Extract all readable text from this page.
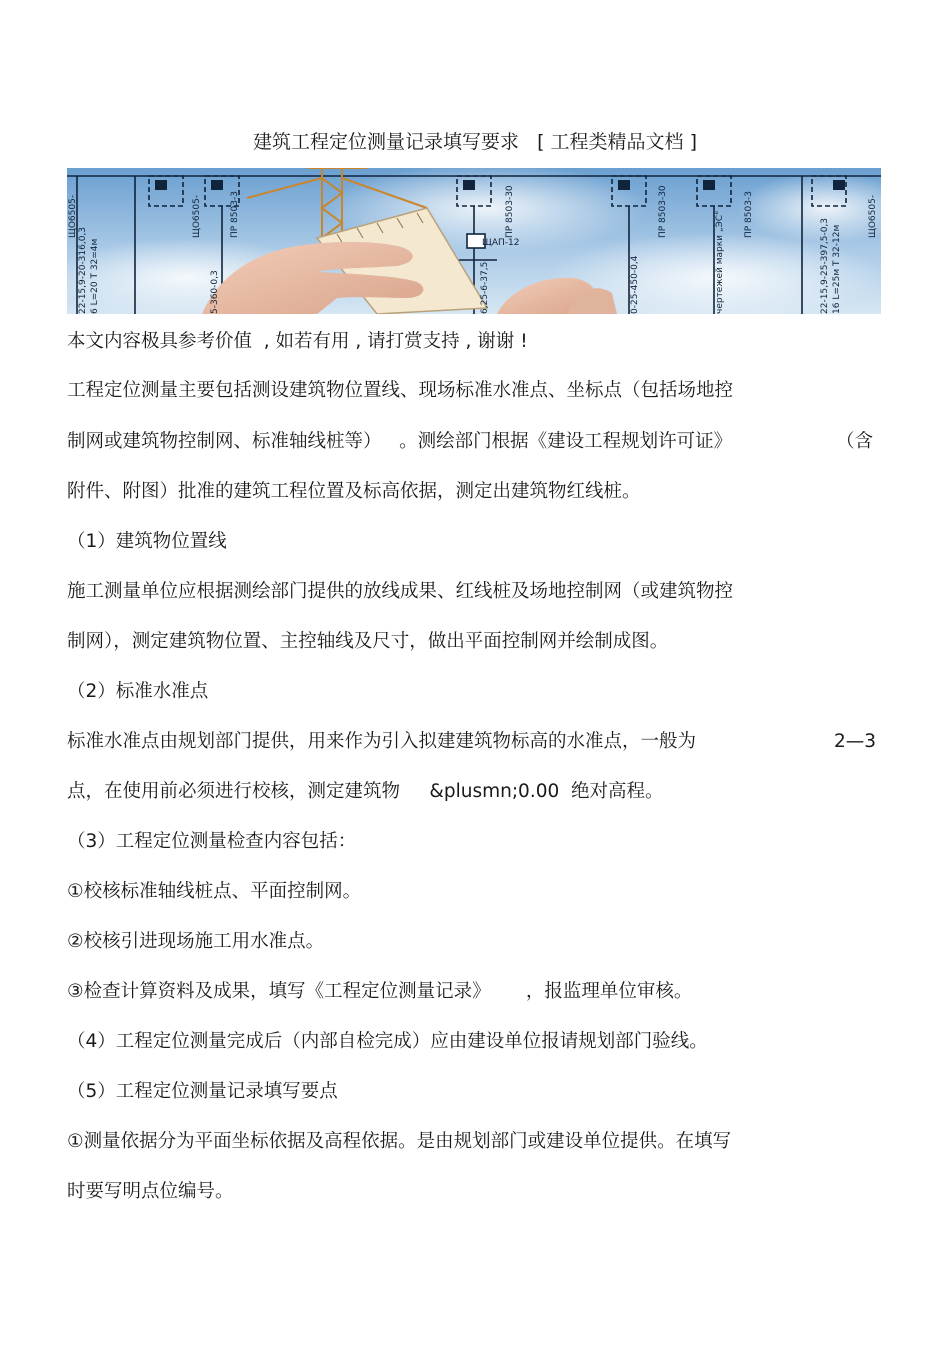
建筑工程定位测量记录填写要求   [ 工程类精品文档 ]
ЩО6505-	ЩО6505-	ПР 8503-3	ПР 8503-30
ЩАП-12
ПР 8503-30	ПР 8503-3	ЩО6505-
22-15,9-20-316,0,3 6 L=20 Т 32=4м	5-360-0,3	6,25-6-37,5	0-25-450-0,4	чертежей марки „ЭС"	22-15,9-25-397,5-0,3 16 L=25м Т 32-12м
本文内容极具参考价值  , 如若有用 , 请打赏支持 , 谢谢 !
工程定位测量主要包括测设建筑物位置线、现场标准水准点、坐标点（包括场地控
制网或建筑物控制网、标准轴线桩等）   。测绘部门根据《建设工程规划许可证》	（含
附件、附图）批准的建筑工程位置及标高依据，测定出建筑物红线桩。
（1）建筑物位置线
施工测量单位应根据测绘部门提供的放线成果、红线桩及场地控制网（或建筑物控
制网），测定建筑物位置、主控轴线及尺寸，做出平面控制网并绘制成图。
（2）标准水准点
标准水准点由规划部门提供，用来作为引入拟建建筑物标高的水准点，一般为	2—3
点，在使用前必须进行校核，测定建筑物     &plusmn;0.00  绝对高程。
（3）工程定位测量检查内容包括：
①校核标准轴线桩点、平面控制网。
②校核引进现场施工用水准点。
③检查计算资料及成果，填写《工程定位测量记录》      ，报监理单位审核。
（4）工程定位测量完成后（内部自检完成）应由建设单位报请规划部门验线。
（5）工程定位测量记录填写要点
①测量依据分为平面坐标依据及高程依据。是由规划部门或建设单位提供。在填写
时要写明点位编号。
